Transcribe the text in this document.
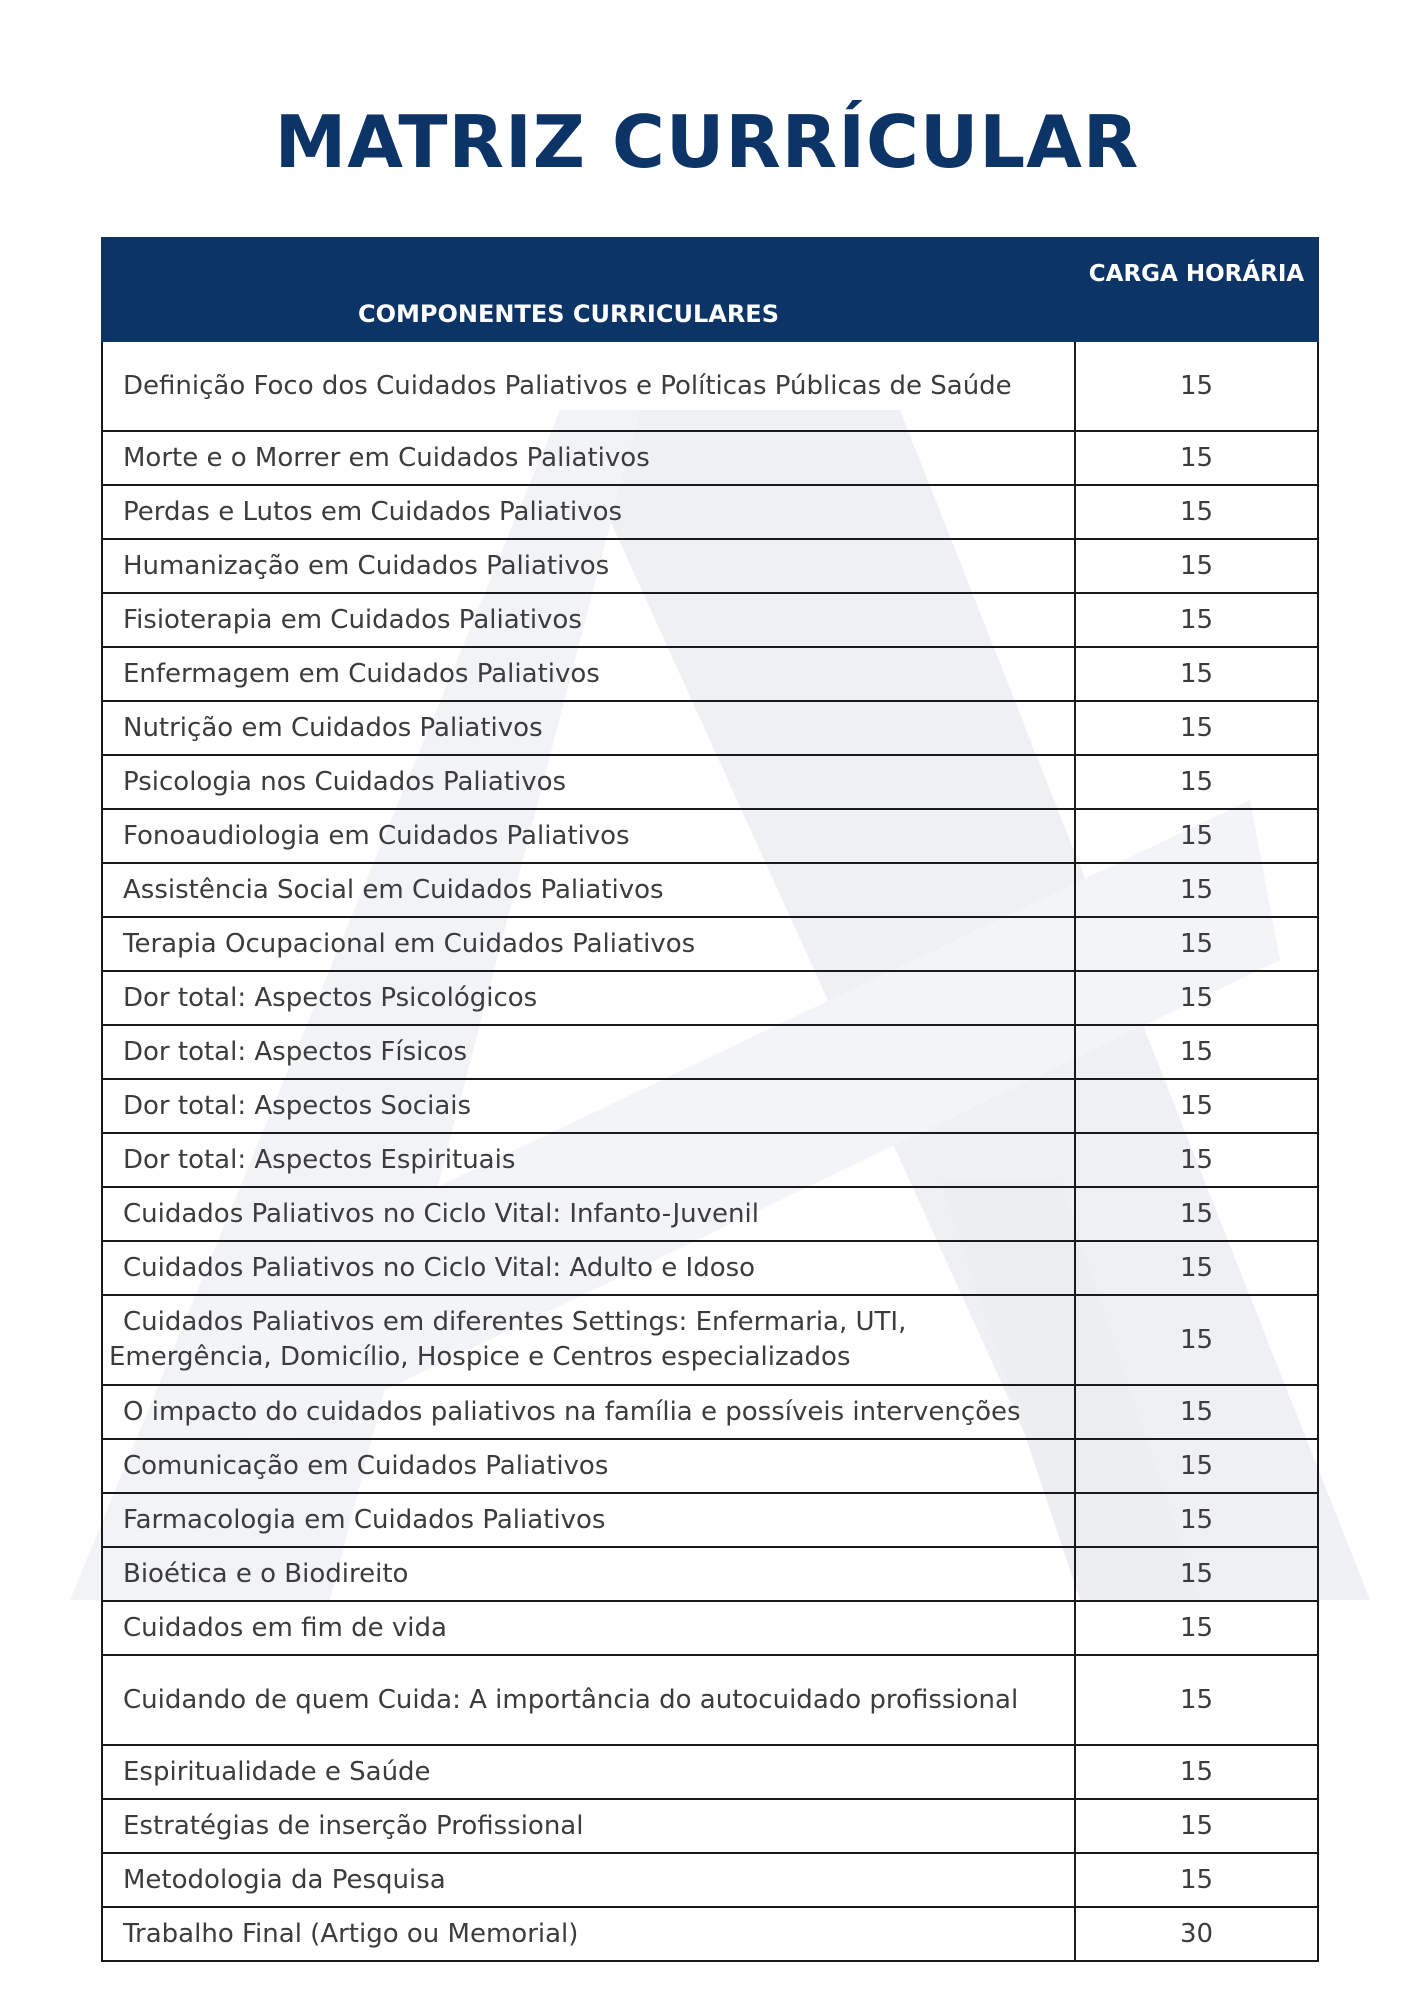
MATRIZ CURRÍCULAR
COMPONENTES CURRICULARES	CARGA HORÁRIA
Definição Foco dos Cuidados Paliativos e Políticas Públicas de Saúde	15
Morte e o Morrer em Cuidados Paliativos	15
Perdas e Lutos em Cuidados Paliativos	15
Humanização em Cuidados Paliativos	15
Fisioterapia em Cuidados Paliativos	15
Enfermagem em Cuidados Paliativos	15
Nutrição em Cuidados Paliativos	15
Psicologia nos Cuidados Paliativos	15
Fonoaudiologia em Cuidados Paliativos	15
Assistência Social em Cuidados Paliativos	15
Terapia Ocupacional em Cuidados Paliativos	15
Dor total: Aspectos Psicológicos	15
Dor total: Aspectos Físicos	15
Dor total: Aspectos Sociais	15
Dor total: Aspectos Espirituais	15
Cuidados Paliativos no Ciclo Vital: Infanto-Juvenil	15
Cuidados Paliativos no Ciclo Vital: Adulto e Idoso	15
Cuidados Paliativos em diferentes Settings: Enfermaria, UTI, Emergência, Domicílio, Hospice e Centros especializados	15
O impacto do cuidados paliativos na família e possíveis intervenções	15
Comunicação em Cuidados Paliativos	15
Farmacologia em Cuidados Paliativos	15
Bioética e o Biodireito	15
Cuidados em fim de vida	15
Cuidando de quem Cuida: A importância do autocuidado profissional	15
Espiritualidade e Saúde	15
Estratégias de inserção Profissional	15
Metodologia da Pesquisa	15
Trabalho Final (Artigo ou Memorial)	30
